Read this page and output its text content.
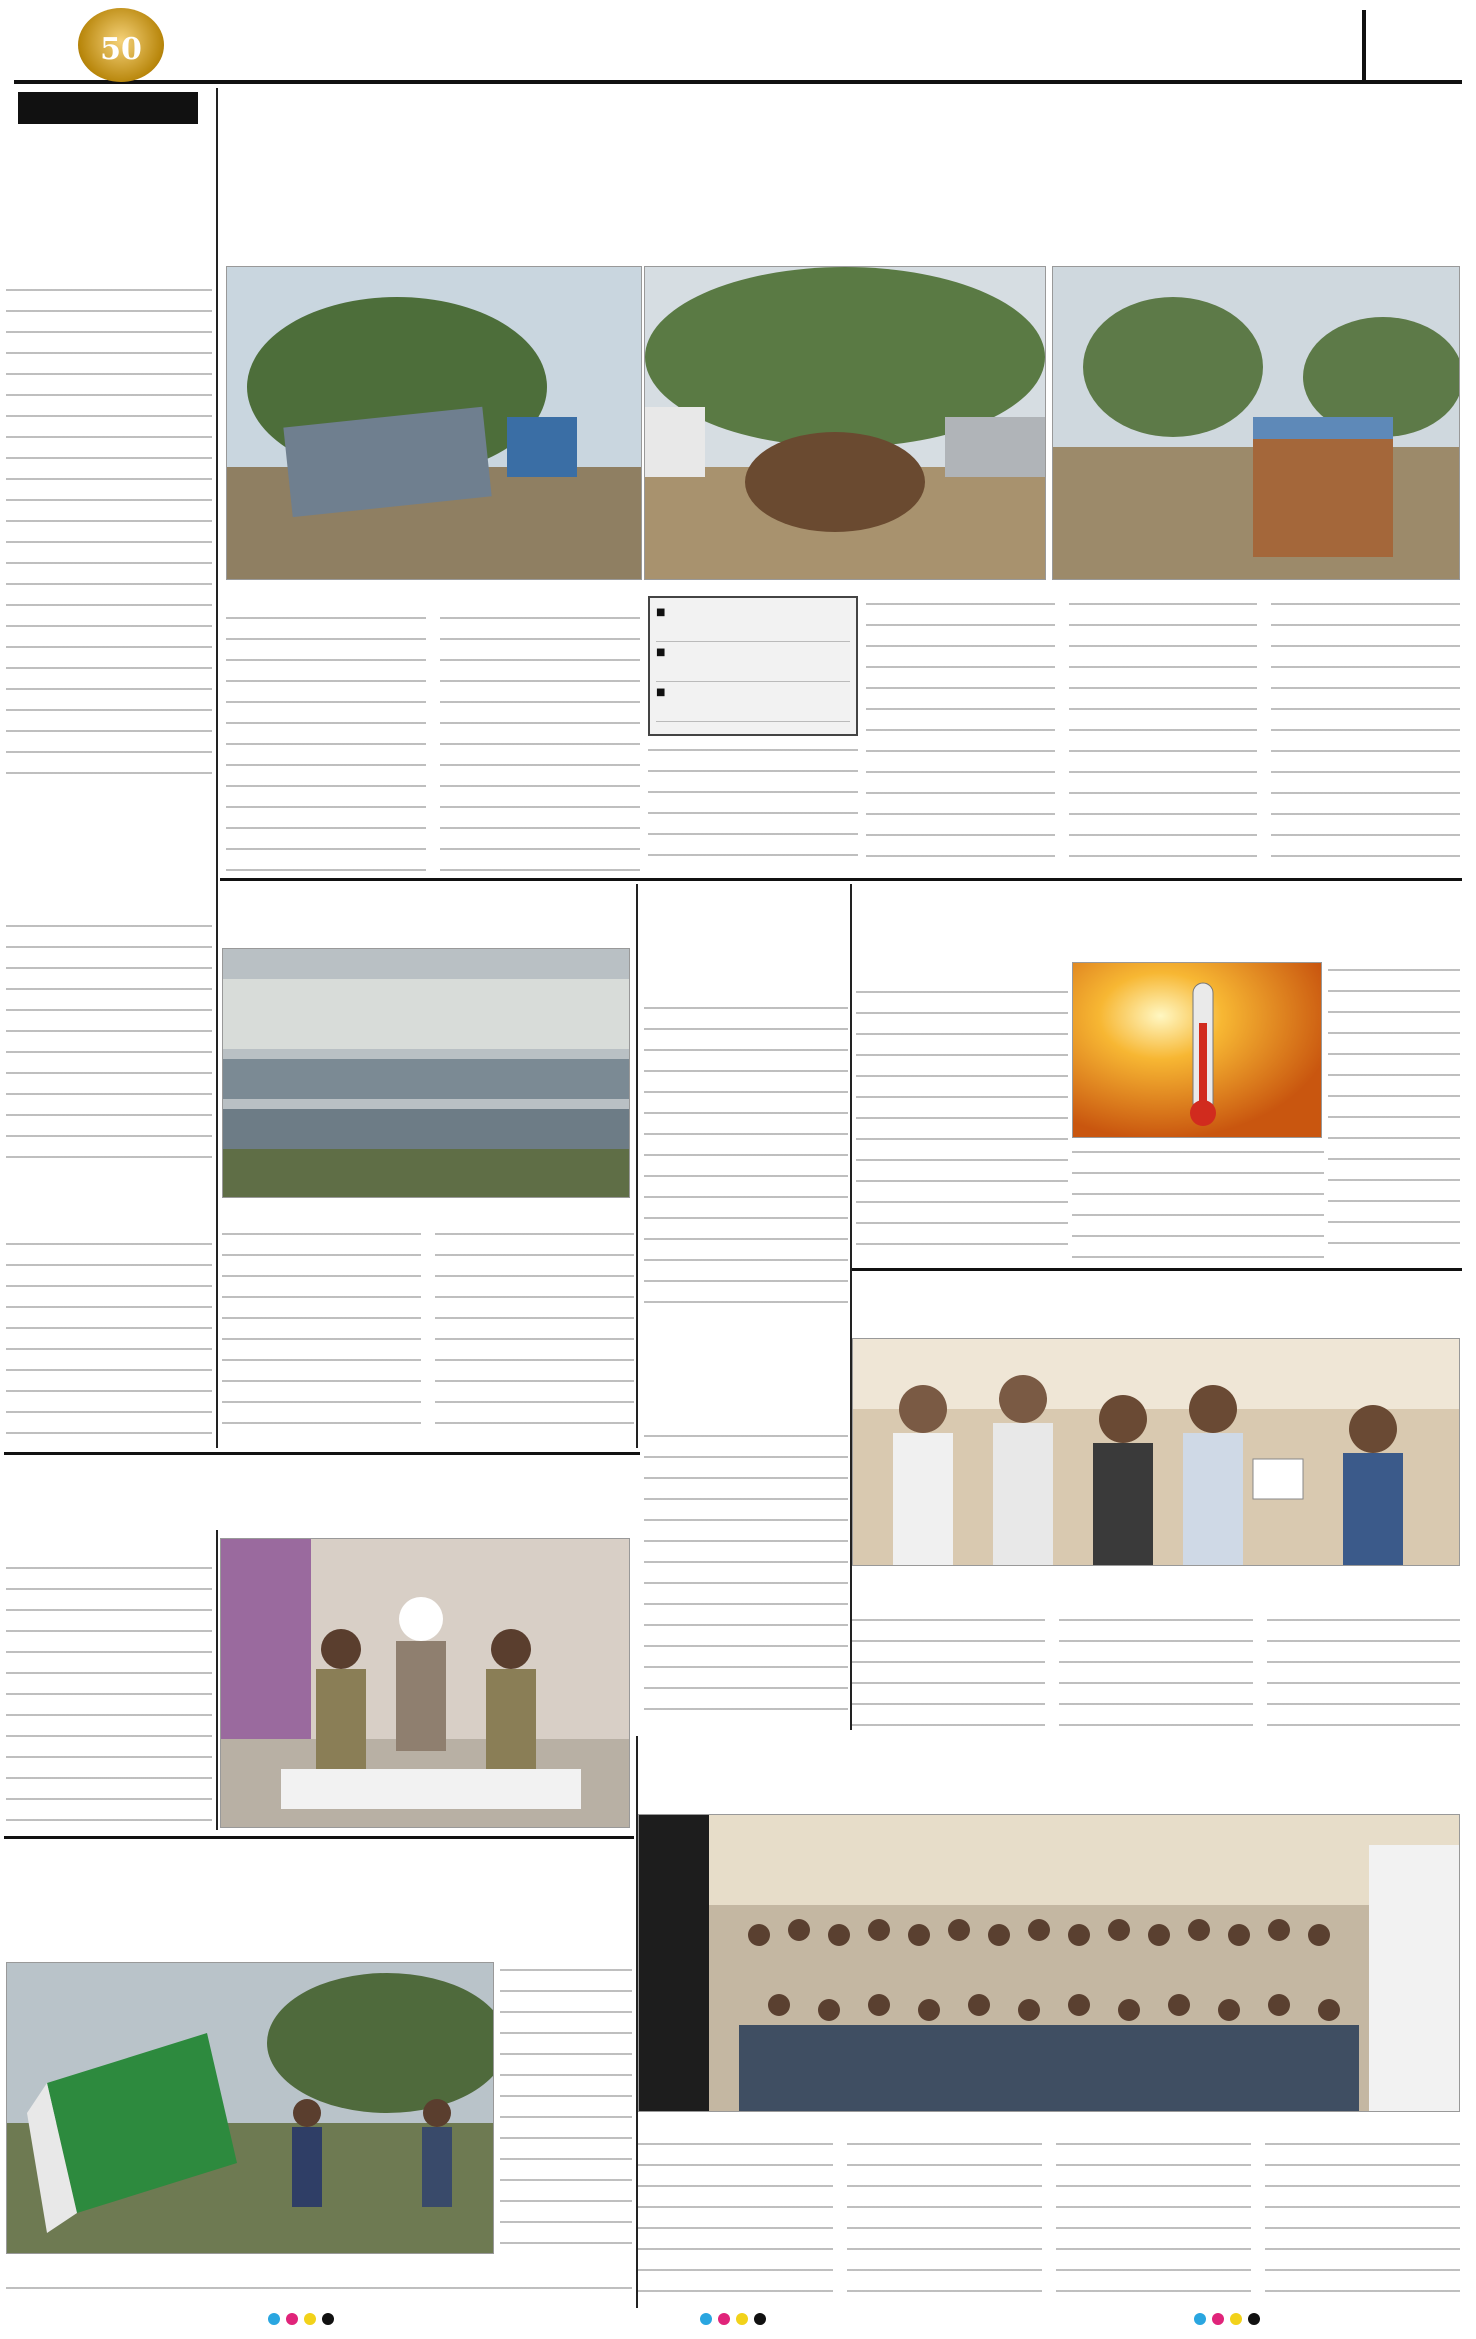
50
■
■
■
